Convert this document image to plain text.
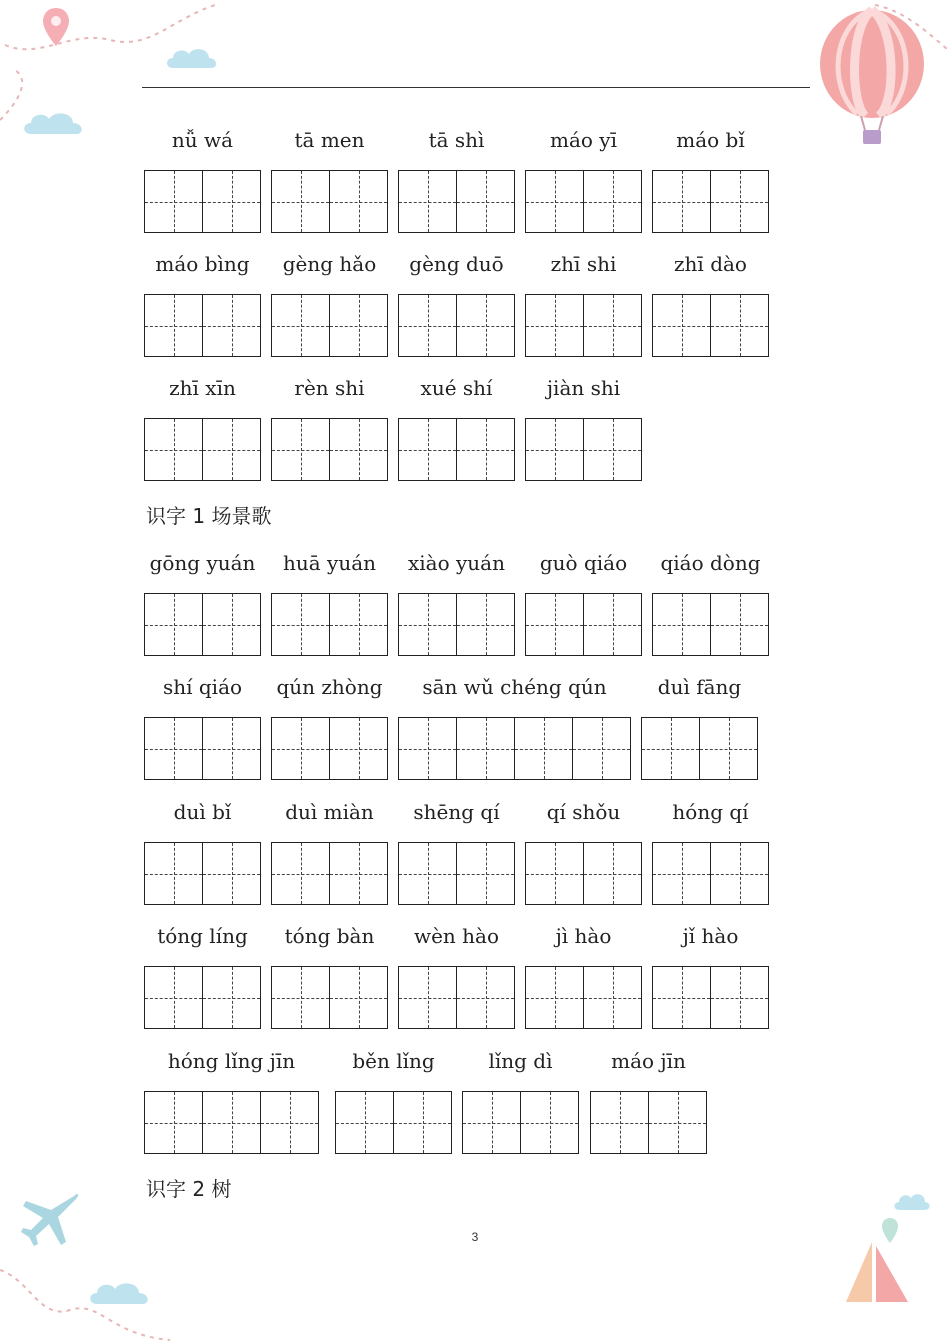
nǚ wá	tā men	tā shì	máo yī	máo bǐ
máo bìng	gèng hǎo	gèng duō	zhī shi	zhī dào
zhī xīn	rèn shi	xué shí	jiàn shi
gōng yuán	huā yuán	xiào yuán	guò qiáo	qiáo dòng
shí qiáo	qún zhòng	sān wǔ chéng qún	duì fāng
duì bǐ	duì miàn	shēng qí	qí shǒu	hóng qí
tóng líng	tóng bàn	wèn hào	jì hào	jǐ hào
hóng lǐng jīn	běn lǐng	lǐng dì	máo jīn
识字 1 场景歌
识字 2 树
3
